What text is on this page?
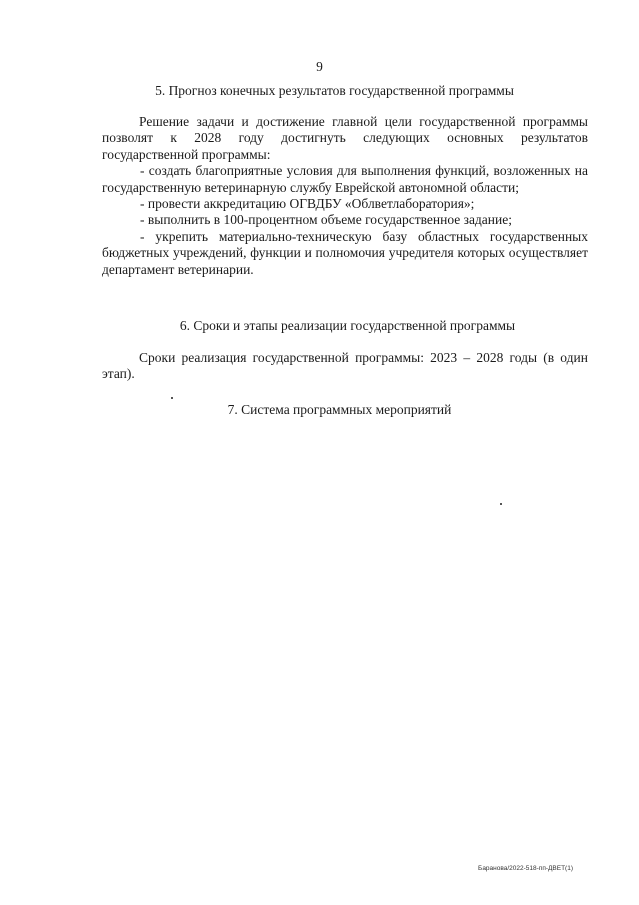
9
5. Прогноз конечных результатов государственной программы

Решение задачи и достижение главной цели государственной программы позволят к 2028 году достигнуть следующих основных результатов государственной программы:

- создать благоприятные условия для выполнения функций, возложенных на государственную ветеринарную службу Еврейской автономной области;

- провести аккредитацию ОГВДБУ «Облветлаборатория»;

- выполнить в 100-процентном объеме государственное задание;

- укрепить материально-техническую базу областных государственных бюджетных учреждений, функции и полномочия учредителя которых осуществляет департамент ветеринарии.

6. Сроки и этапы реализации государственной программы

Сроки реализация государственной программы: 2023 – 2028 годы (в один этап).

7. Система программных мероприятий
Баранова/2022-518-пп-ДВЕТ(1)
